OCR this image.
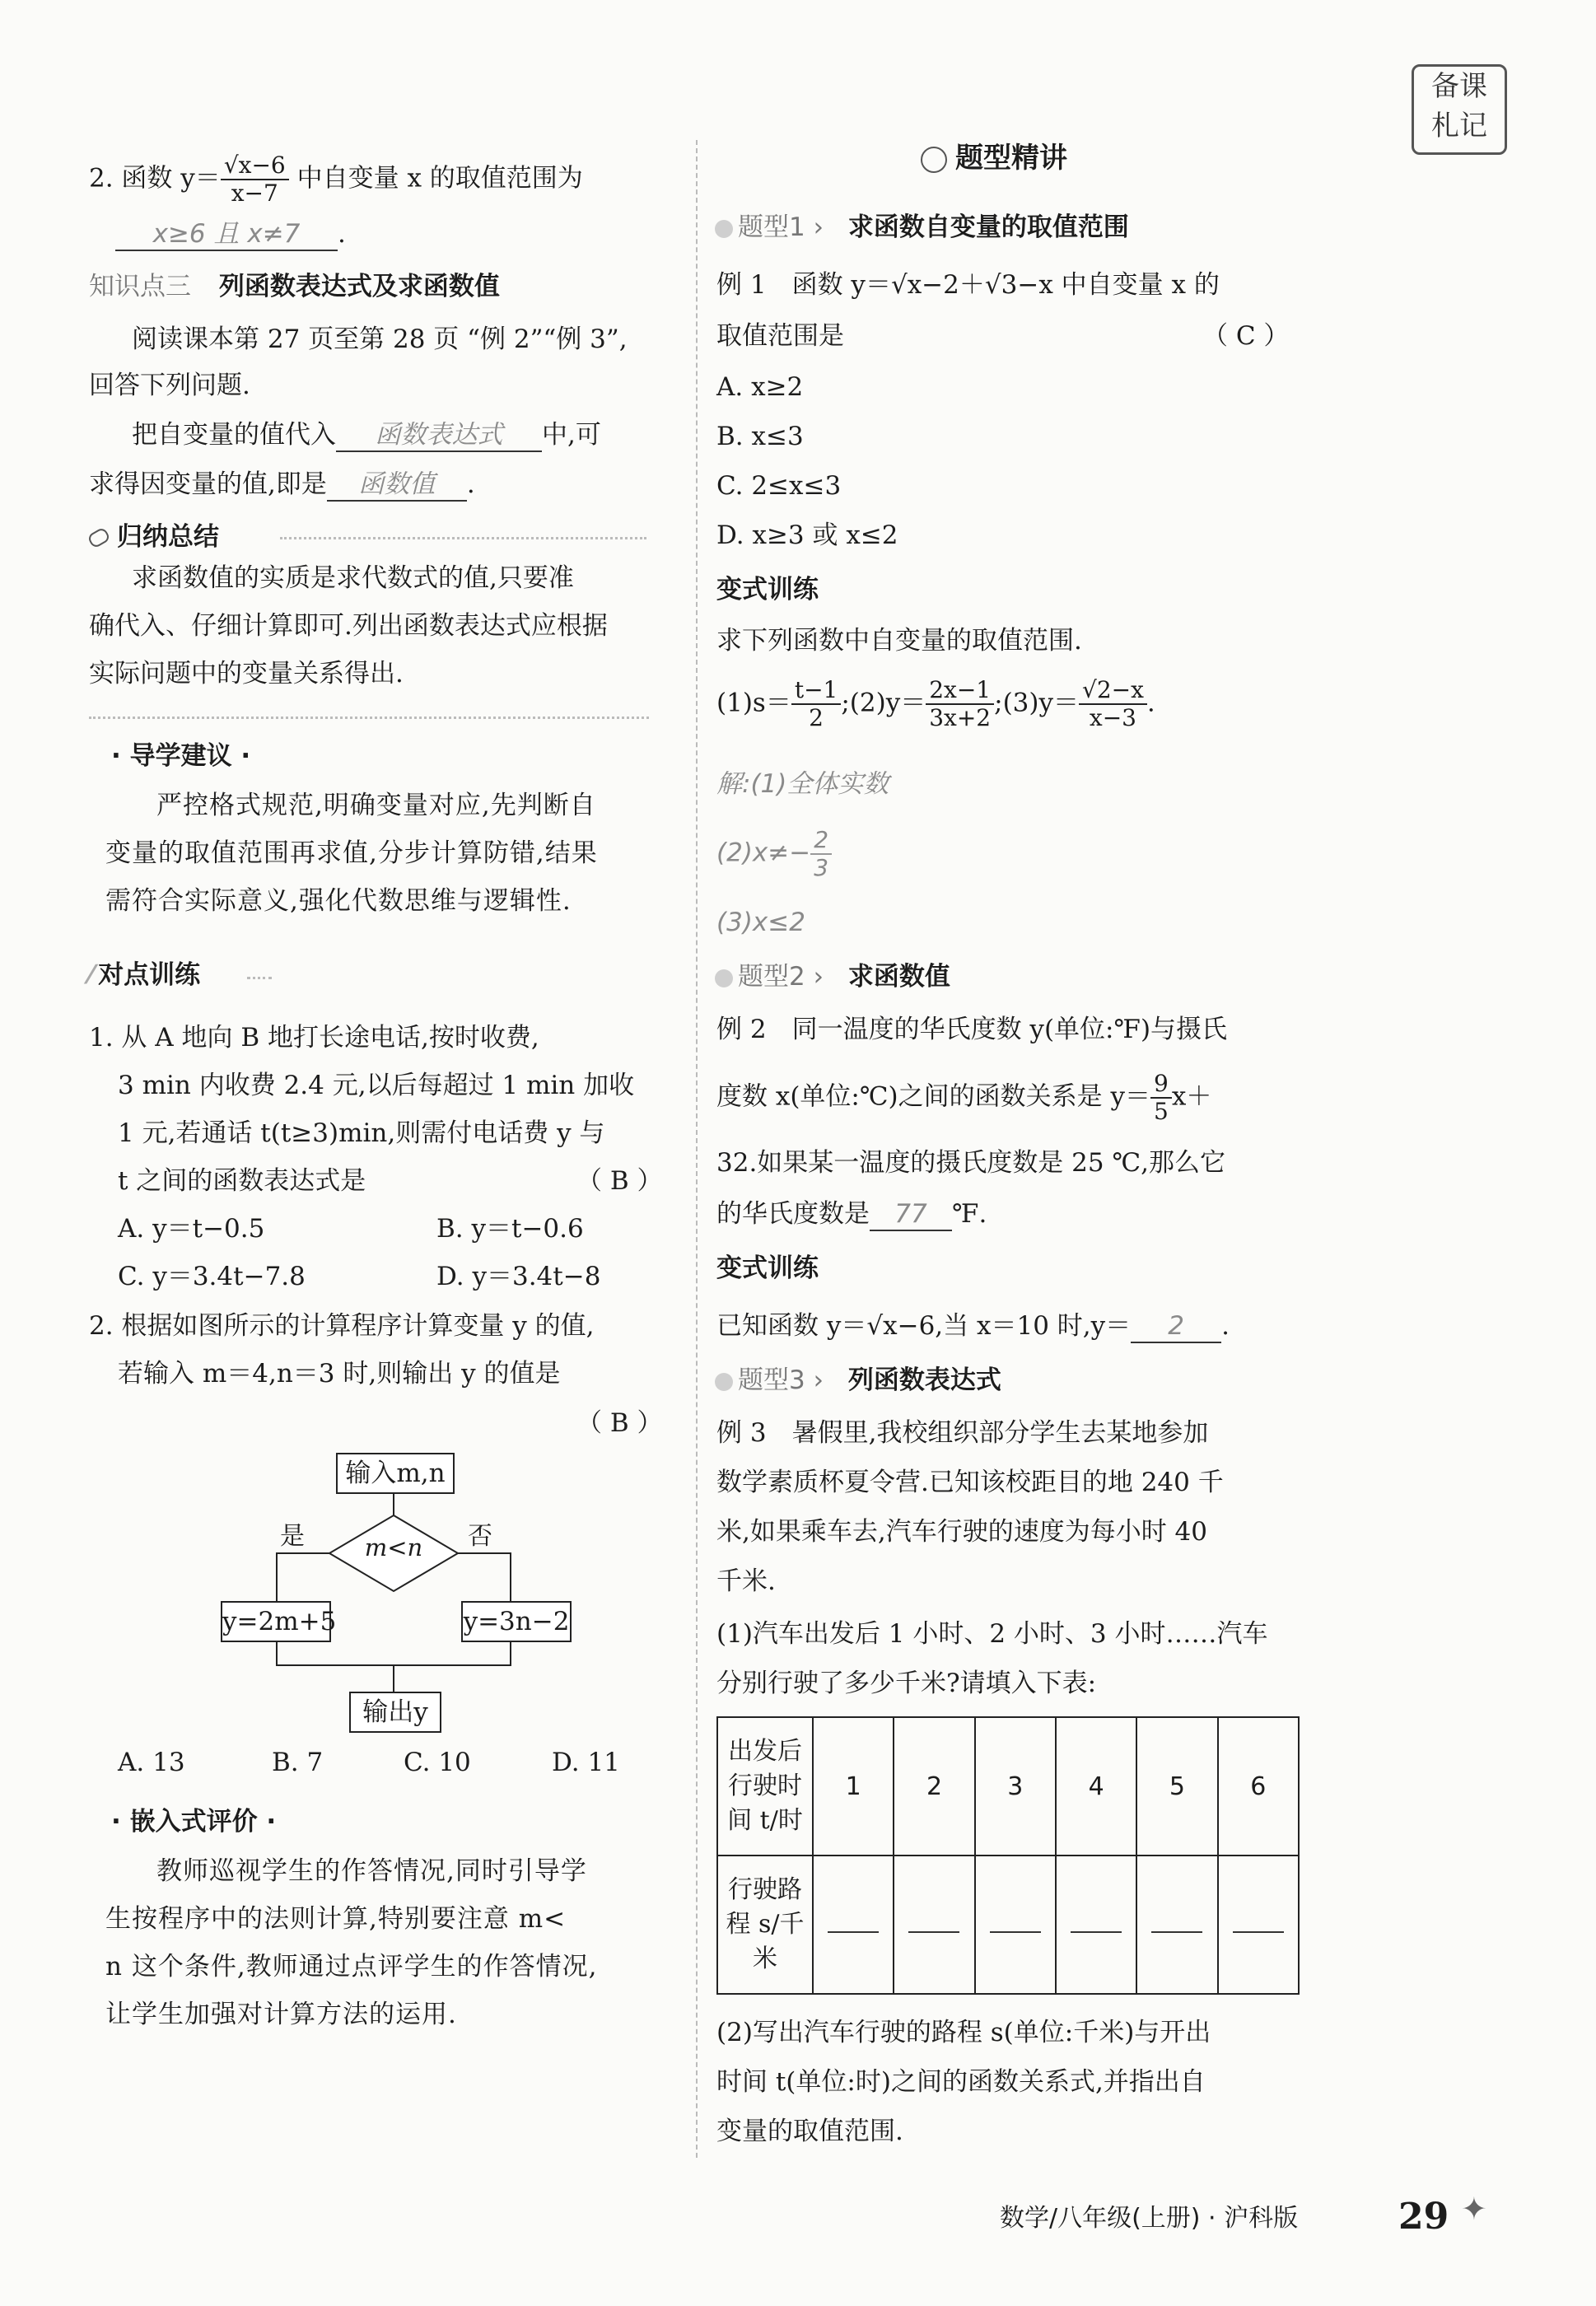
备课
札记
2. 函数 $y= \frac{√x-6}{x-7}$ 中自变量 x 的取值范围为
x≥6 且 x≠7 .
知识点三 列函数表达式及求函数值
阅读课本第 27 页至第 28 页 “例 2”“例 3”,
回答下列问题.
把自变量的值代入 函数表达式 中,可
求得因变量的值,即是 函数值 .
归纳总结
求函数值的实质是求代数式的值,只要准
确代入、仔细计算即可.列出函数表达式应根据
实际问题中的变量关系得出.
· 导学建议 ·
严控格式规范,明确变量对应,先判断自
变量的取值范围再求值,分步计算防错,结果
需符合实际意义,强化代数思维与逻辑性.
⁄ 对点训练
1. 从 A 地向 B 地打长途电话,按时收费,
3 min 内收费 2.4 元,以后每超过 1 min 加收
1 元,若通话 t(t≥3)min,则需付电话费 y 与
t 之间的函数表达式是	（ B ）
A. y＝t−0.5	B. y＝t−0.6
C. y＝3.4t−7.8	D. y＝3.4t−8
2. 根据如图所示的计算程序计算变量 y 的值,
若输入 m＝4,n＝3 时,则输出 y 的值是
（ B ）
输入m,n
m<n
是	否
y=2m+5	y=3n−2
输出y
A. 13	B. 7	C. 10	D. 11
· 嵌入式评价 ·
教师巡视学生的作答情况,同时引导学
生按程序中的法则计算,特别要注意 m<
n 这个条件,教师通过点评学生的作答情况,
让学生加强对计算方法的运用.
题型精讲
题型1 › 求函数自变量的取值范围
例 1　函数 y＝√x−2＋√3−x 中自变量 x 的
取值范围是	（ C ）
A. x≥2
B. x≤3
C. 2≤x≤3
D. x≥3 或 x≤2
变式训练
求下列函数中自变量的取值范围.
$(1)s= \frac{t-1}{2}$ ;(2)y＝ $\frac{2x-1}{3x+2}$ ;(3)y＝ $\frac{√2-x}{x-3}$ .
解:(1)全体实数
$(2)x\ne- \frac{2}{3}$
(3)x≤2
题型2 › 求函数值
例 2　同一温度的华氏度数 y(单位:℉)与摄氏
度数 x(单位:℃)之间的函数关系是 $y= \frac{9}{5} x+$
32.如果某一温度的摄氏度数是 25 ℃,那么它
的华氏度数是 77 ℉.
变式训练
已知函数 y＝√x−6,当 x＝10 时,y＝ 2 .
题型3 › 列函数表达式
例 3　暑假里,我校组织部分学生去某地参加
数学素质杯夏令营.已知该校距目的地 240 千
米,如果乘车去,汽车行驶的速度为每小时 40
千米.
(1)汽车出发后 1 小时、2 小时、3 小时……汽车
分别行驶了多少千米?请填入下表:
出发后
行驶时
间 t/时	1	2	3	4	5	6

行驶路
程 s/千
米						

(2)写出汽车行驶的路程 s(单位:千米)与开出
时间 t(单位:时)之间的函数关系式,并指出自
变量的取值范围.
数学/八年级(上册) · 沪科版	29 ✦
